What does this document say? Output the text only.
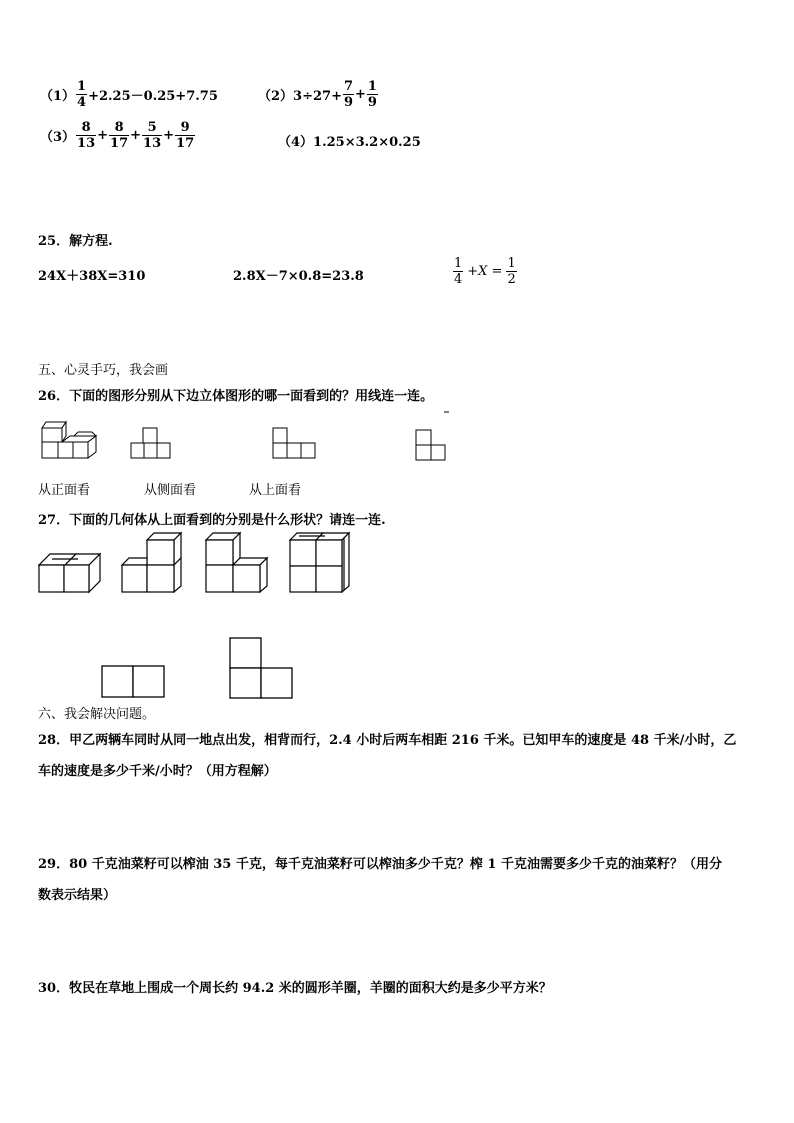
$(1) \frac{1}{4} +2.25-0.25+7.75$	$(2)3\div 27+ \frac{7}{9} + \frac{1}{9}$
$(3) \frac{8}{13} + \frac{8}{17} + \frac{5}{13} + \frac{9}{17}$	（4）1.25×3.2×0.25
25．解方程.
24X＋38X=310	2.8X－7×0.8=23.8	$\frac{1}{4} +X = \frac{1}{2}$
五、心灵手巧，我会画
26．下面的图形分别从下边立体图形的哪一面看到的？用线连一连。
从正面看	从侧面看	从上面看
27．下面的几何体从上面看到的分别是什么形状？请连一连.
六、我会解决问题。
28．甲乙两辆车同时从同一地点出发，相背而行，2.4 小时后两车相距 216 千米。已知甲车的速度是 48 千米/小时，乙
车的速度是多少千米/小时？（用方程解）
29．80 千克油菜籽可以榨油 35 千克，每千克油菜籽可以榨油多少千克？榨 1 千克油需要多少千克的油菜籽？（用分
数表示结果）
30．牧民在草地上围成一个周长约 94.2 米的圆形羊圈，羊圈的面积大约是多少平方米？
